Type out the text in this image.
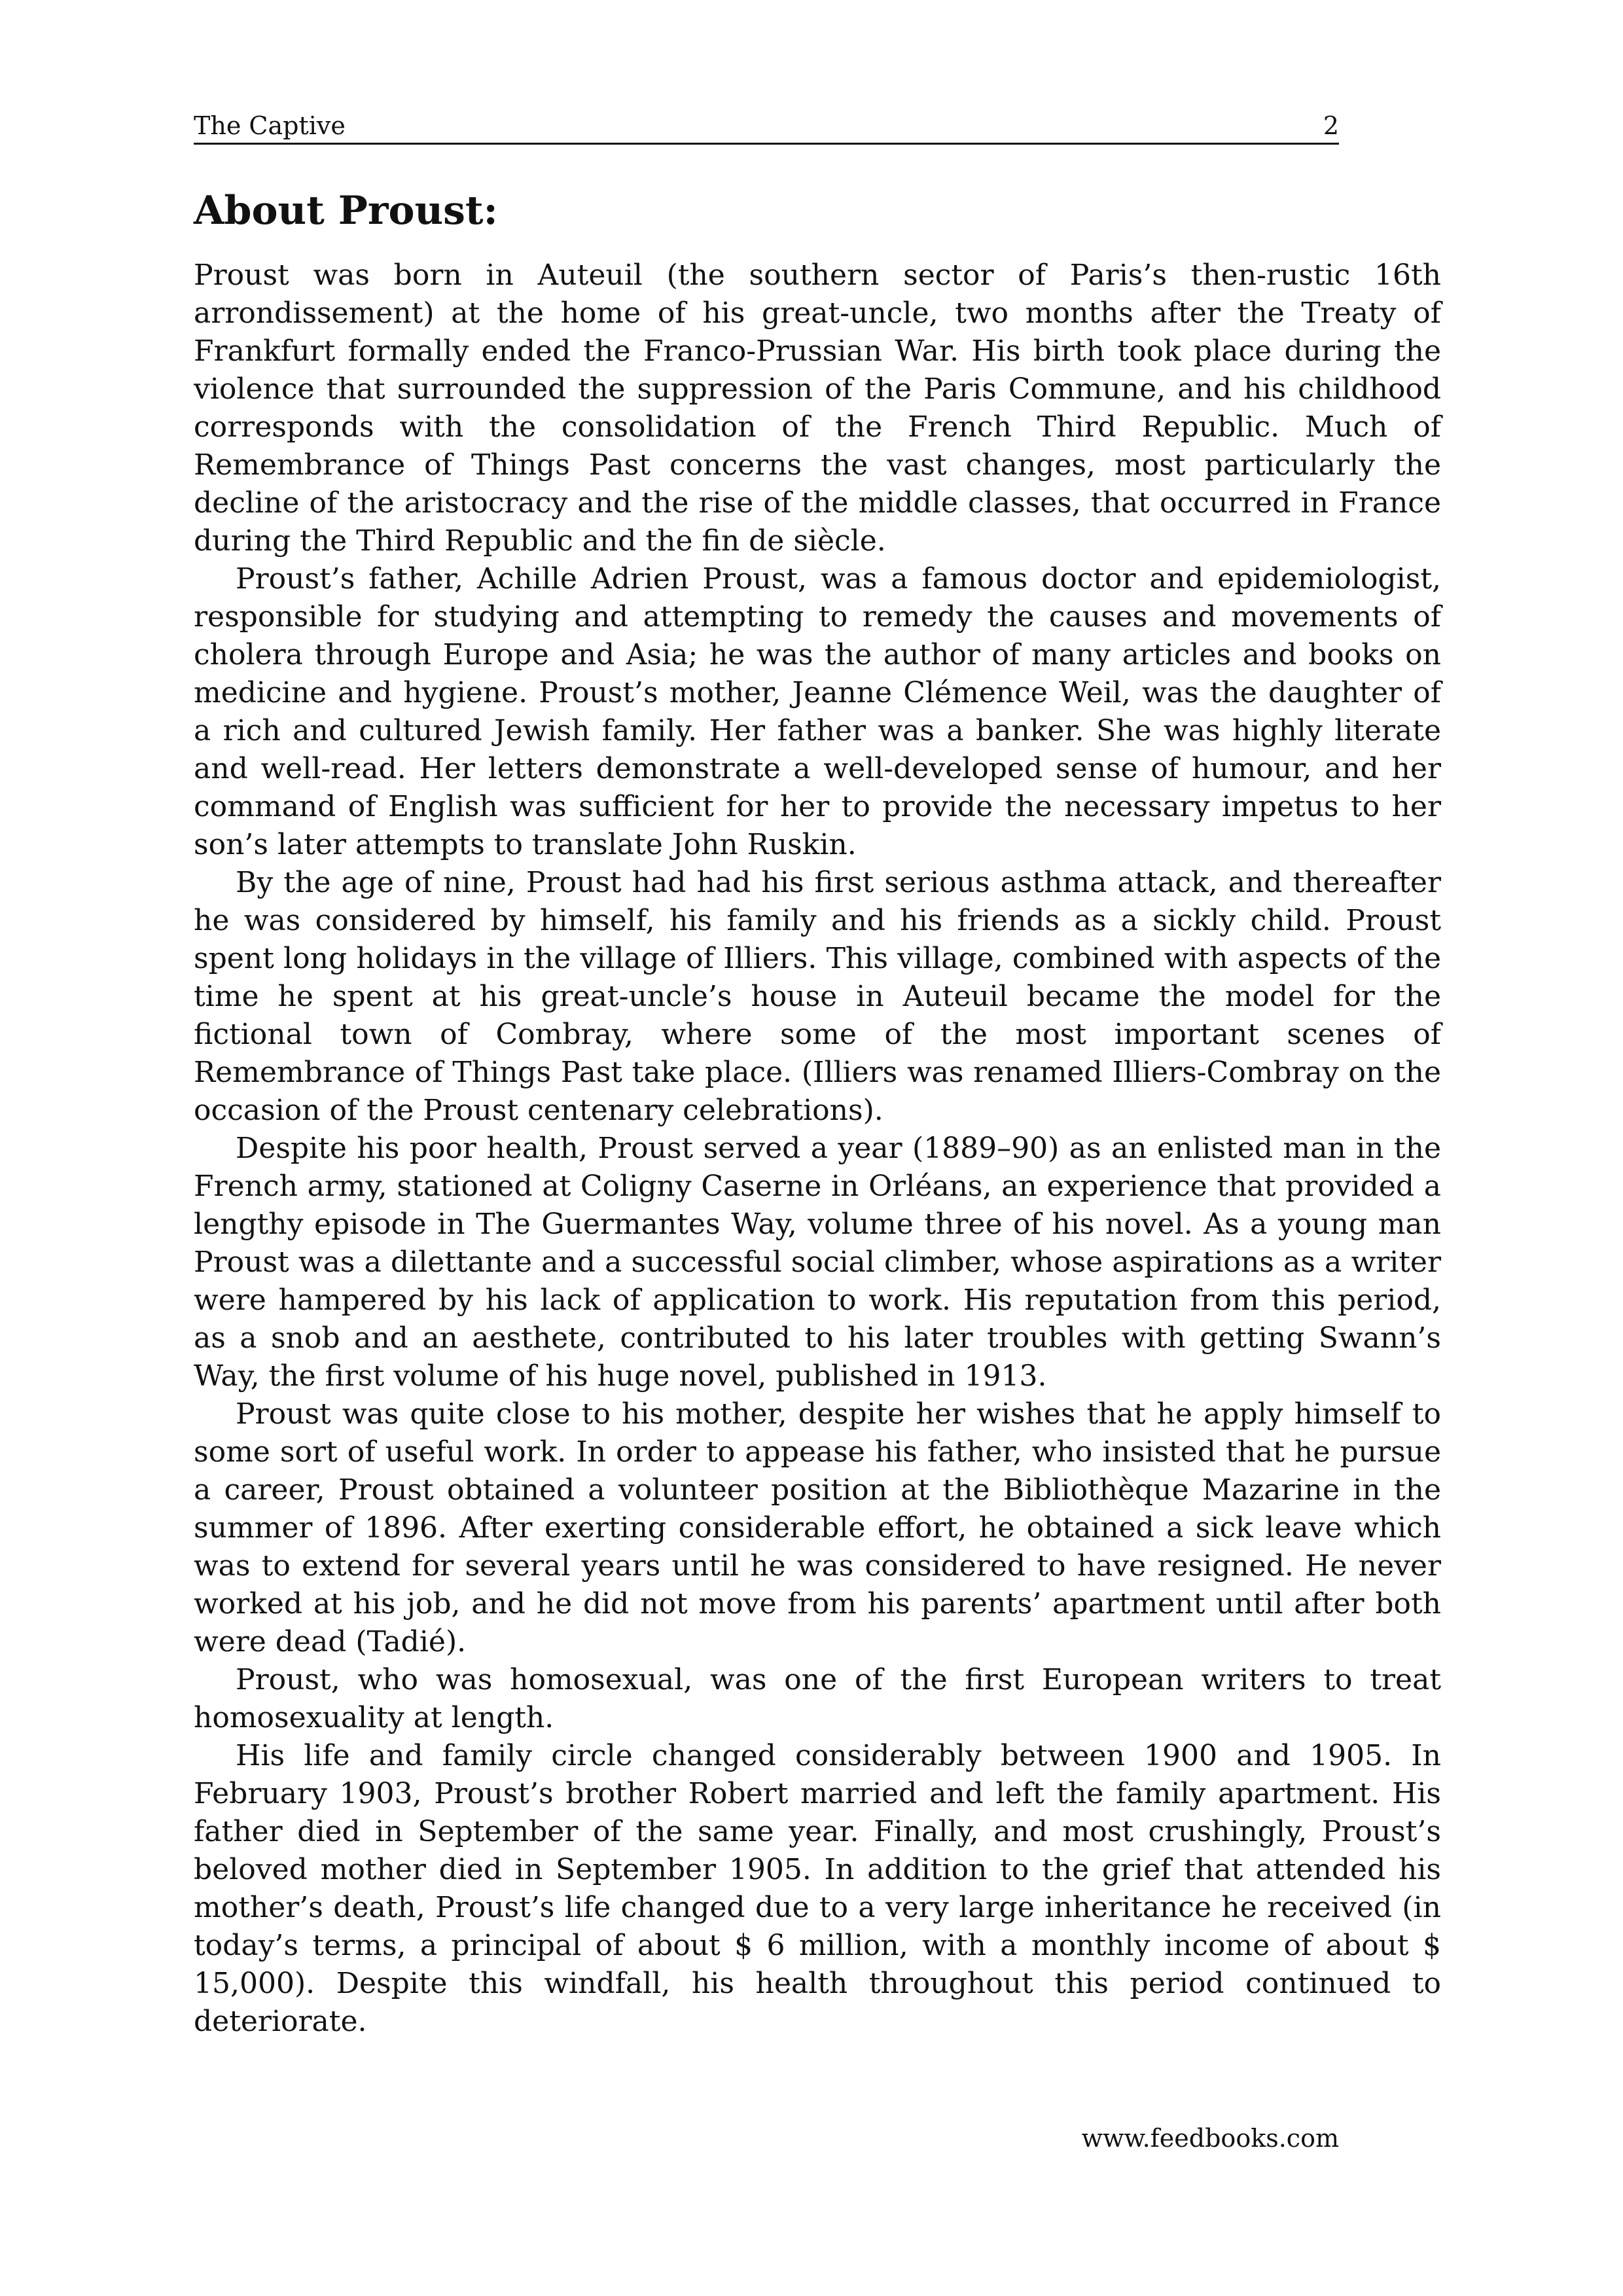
The Captive	2
About Proust:

Proust was born in Auteuil (the southern sector of Paris’s then-rustic 16th arrondissement) at the home of his great-uncle, two months after the Treaty of Frankfurt formally ended the Franco-Prussian War. His birth took place during the violence that surrounded the suppression of the Paris Commune, and his childhood corresponds with the consolidation of the French Third Republic. Much of Remembrance of Things Past concerns the vast changes, most particularly the decline of the aristocracy and the rise of the middle classes, that occurred in France during the Third Republic and the fin de siècle.

Proust’s father, Achille Adrien Proust, was a famous doctor and epidemiologist, responsible for studying and attempting to remedy the causes and movements of cholera through Europe and Asia; he was the author of many articles and books on medicine and hygiene. Proust’s mother, Jeanne Clémence Weil, was the daughter of a rich and cultured Jewish family. Her father was a banker. She was highly literate and well-read. Her letters demonstrate a well-developed sense of humour, and her command of English was sufficient for her to provide the necessary impetus to her son’s later attempts to translate John Ruskin.

By the age of nine, Proust had had his first serious asthma attack, and thereafter he was considered by himself, his family and his friends as a sickly child. Proust spent long holidays in the village of Illiers. This village, combined with aspects of the time he spent at his great-uncle’s house in Auteuil became the model for the fictional town of Combray, where some of the most important scenes of Remembrance of Things Past take place. (Illiers was renamed Illiers-Combray on the occasion of the Proust centenary celebrations).

Despite his poor health, Proust served a year (1889–90) as an enlisted man in the French army, stationed at Coligny Caserne in Orléans, an experience that provided a lengthy episode in The Guermantes Way, volume three of his novel. As a young man Proust was a dilettante and a successful social climber, whose aspirations as a writer were hampered by his lack of application to work. His reputation from this period, as a snob and an aesthete, contributed to his later troubles with getting Swann’s Way, the first volume of his huge novel, published in 1913.

Proust was quite close to his mother, despite her wishes that he apply himself to some sort of useful work. In order to appease his father, who insisted that he pursue a career, Proust obtained a volunteer position at the Bibliothèque Mazarine in the summer of 1896. After exerting considerable effort, he obtained a sick leave which was to extend for several years until he was considered to have resigned. He never worked at his job, and he did not move from his parents’ apartment until after both were dead (Tadié).

Proust, who was homosexual, was one of the first European writers to treat homosexuality at length.

His life and family circle changed considerably between 1900 and 1905. In February 1903, Proust’s brother Robert married and left the family apartment. His father died in September of the same year. Finally, and most crushingly, Proust’s beloved mother died in September 1905. In addition to the grief that attended his mother’s death, Proust’s life changed due to a very large inheritance he received (in today’s terms, a principal of about $ 6 million, with a monthly income of about $ 15,000). Despite this windfall, his health throughout this period continued to deteriorate.

www.feedbooks.com
